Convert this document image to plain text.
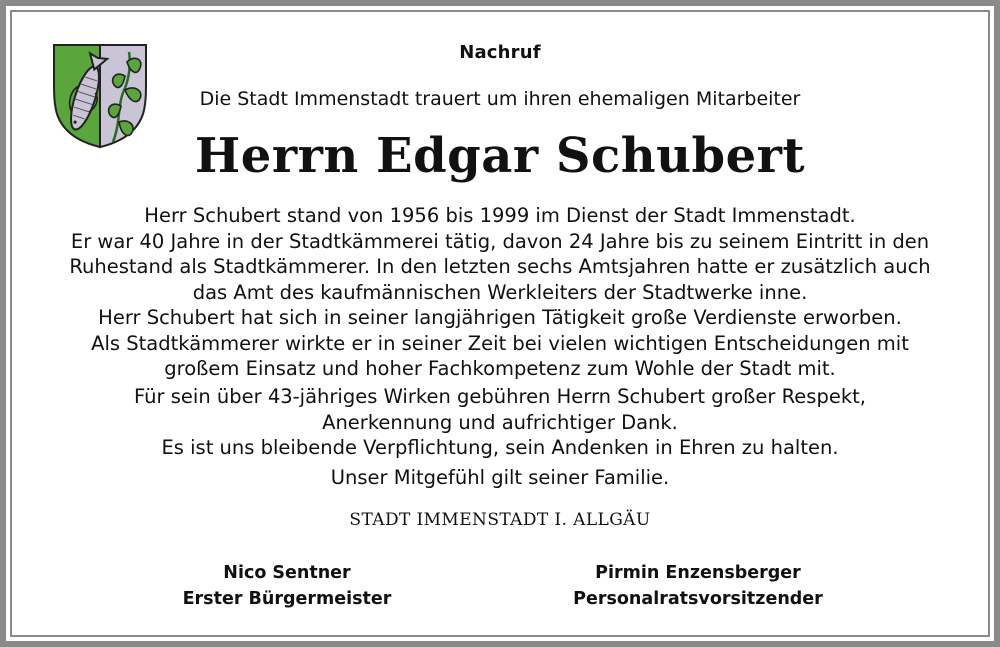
Nachruf
Die Stadt Immenstadt trauert um ihren ehemaligen Mitarbeiter
Herrn Edgar Schubert
Herr Schubert stand von 1956 bis 1999 im Dienst der Stadt Immenstadt.
Er war 40 Jahre in der Stadtkämmerei tätig, davon 24 Jahre bis zu seinem Eintritt in den
Ruhestand als Stadtkämmerer. In den letzten sechs Amtsjahren hatte er zusätzlich auch
das Amt des kaufmännischen Werkleiters der Stadtwerke inne.
Herr Schubert hat sich in seiner langjährigen Tätigkeit große Verdienste erworben.
Als Stadtkämmerer wirkte er in seiner Zeit bei vielen wichtigen Entscheidungen mit
großem Einsatz und hoher Fachkompetenz zum Wohle der Stadt mit.
Für sein über 43-jähriges Wirken gebühren Herrn Schubert großer Respekt,
Anerkennung und aufrichtiger Dank.
Es ist uns bleibende Verpflichtung, sein Andenken in Ehren zu halten.
Unser Mitgefühl gilt seiner Familie.
STADT IMMENSTADT I. ALLGÄU
Nico Sentner
Erster Bürgermeister
Pirmin Enzensberger
Personalratsvorsitzender
